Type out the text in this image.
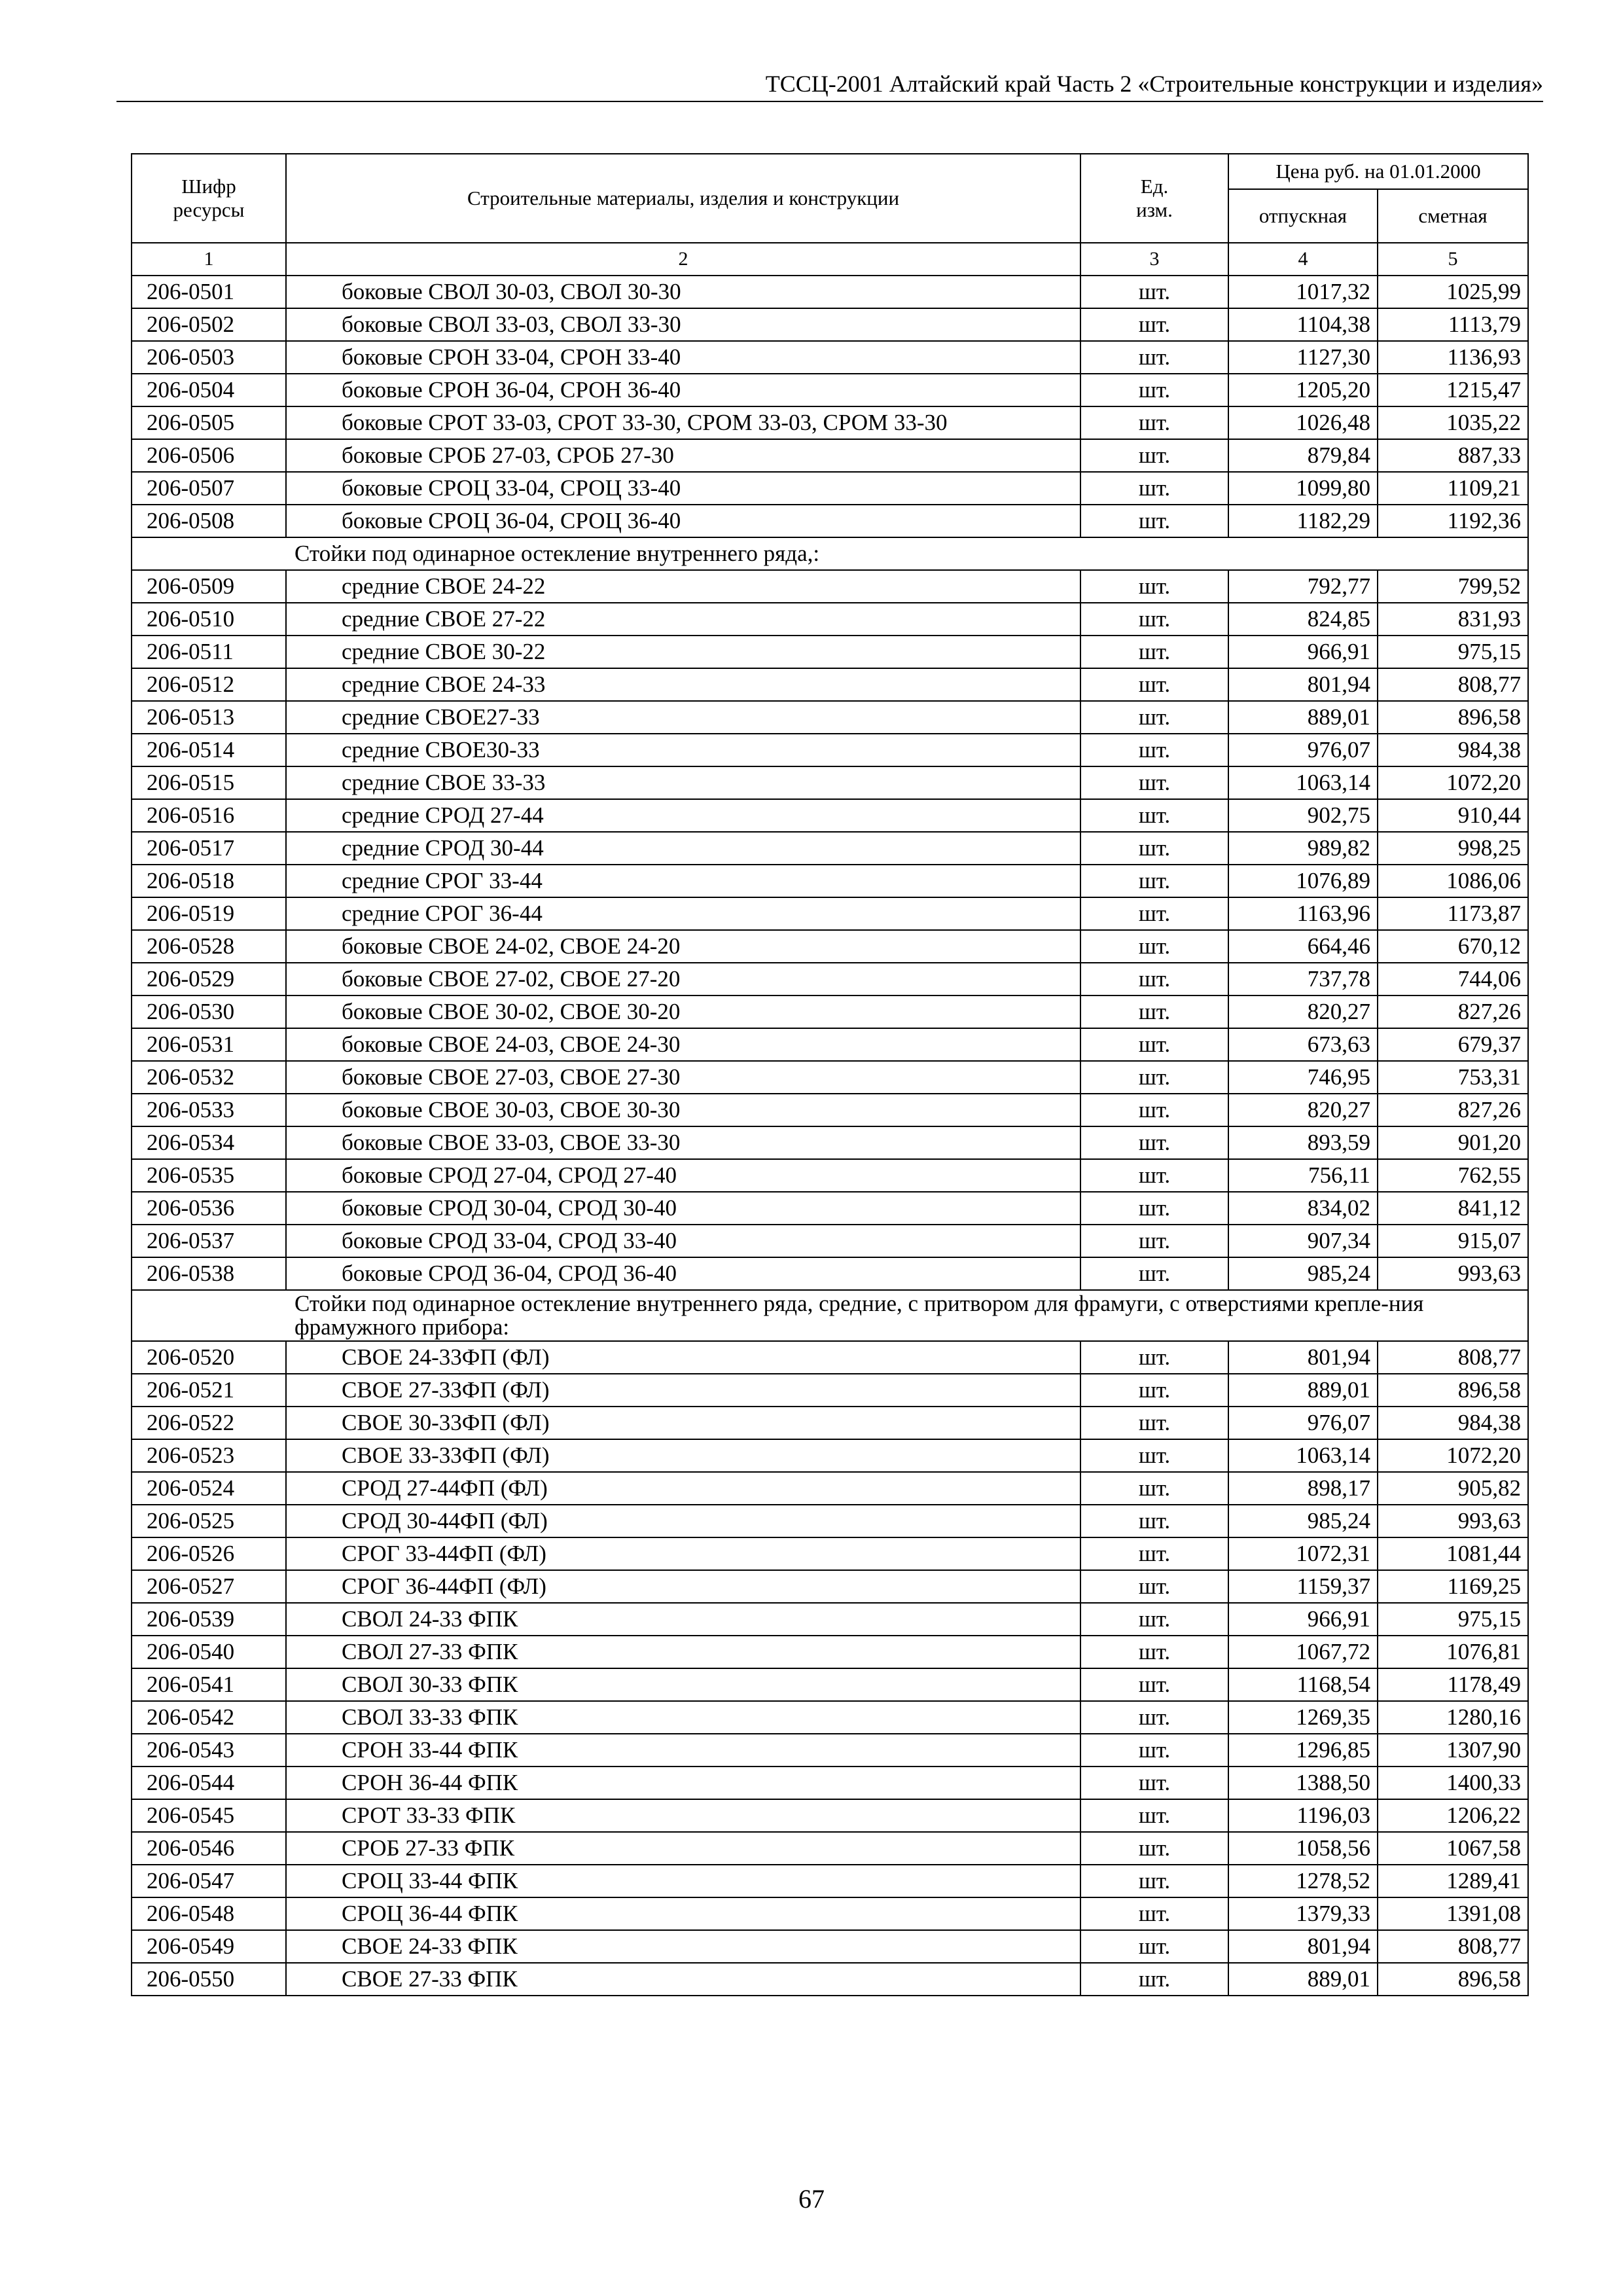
ТССЦ-2001 Алтайский край Часть 2 «Строительные конструкции и изделия»
Шифр ресурсы	Строительные материалы, изделия и конструкции	Ед. изм.	Цена руб. на 01.01.2000	
			отпускная	сметная
1	2	3	4	5
206-0501	боковые СВОЛ 30-03, СВОЛ 30-30	шт.	1017,32	1025,99
206-0502	боковые СВОЛ 33-03, СВОЛ 33-30	шт.	1104,38	1113,79
206-0503	боковые СРОН 33-04, СРОН 33-40	шт.	1127,30	1136,93
206-0504	боковые СРОН 36-04, СРОН 36-40	шт.	1205,20	1215,47
206-0505	боковые СРОТ 33-03, СРОТ 33-30, СРОМ 33-03, СРОМ 33-30	шт.	1026,48	1035,22
206-0506	боковые СРОБ 27-03, СРОБ 27-30	шт.	879,84	887,33
206-0507	боковые СРОЦ 33-04, СРОЦ 33-40	шт.	1099,80	1109,21
206-0508	боковые СРОЦ 36-04, СРОЦ 36-40	шт.	1182,29	1192,36
Стойки под одинарное остекление внутреннего ряда,:				
206-0509	средние СВОЕ 24-22	шт.	792,77	799,52
206-0510	средние СВОЕ 27-22	шт.	824,85	831,93
206-0511	средние СВОЕ 30-22	шт.	966,91	975,15
206-0512	средние СВОЕ 24-33	шт.	801,94	808,77
206-0513	средние СВОЕ27-33	шт.	889,01	896,58
206-0514	средние СВОЕ30-33	шт.	976,07	984,38
206-0515	средние СВОЕ 33-33	шт.	1063,14	1072,20
206-0516	средние СРОД 27-44	шт.	902,75	910,44
206-0517	средние СРОД 30-44	шт.	989,82	998,25
206-0518	средние СРОГ 33-44	шт.	1076,89	1086,06
206-0519	средние СРОГ 36-44	шт.	1163,96	1173,87
206-0528	боковые СВОЕ 24-02, СВОЕ 24-20	шт.	664,46	670,12
206-0529	боковые СВОЕ 27-02, СВОЕ 27-20	шт.	737,78	744,06
206-0530	боковые СВОЕ 30-02, СВОЕ 30-20	шт.	820,27	827,26
206-0531	боковые СВОЕ 24-03, СВОЕ 24-30	шт.	673,63	679,37
206-0532	боковые СВОЕ 27-03, СВОЕ 27-30	шт.	746,95	753,31
206-0533	боковые СВОЕ 30-03, СВОЕ 30-30	шт.	820,27	827,26
206-0534	боковые СВОЕ 33-03, СВОЕ 33-30	шт.	893,59	901,20
206-0535	боковые СРОД 27-04, СРОД 27-40	шт.	756,11	762,55
206-0536	боковые СРОД 30-04, СРОД 30-40	шт.	834,02	841,12
206-0537	боковые СРОД 33-04, СРОД 33-40	шт.	907,34	915,07
206-0538	боковые СРОД 36-04, СРОД 36-40	шт.	985,24	993,63
Стойки под одинарное остекление внутреннего ряда, средние, с притвором для фрамуги, с отверстиями крепле-ния фрамужного прибора:				
206-0520	СВОЕ 24-33ФП (ФЛ)	шт.	801,94	808,77
206-0521	СВОЕ 27-33ФП (ФЛ)	шт.	889,01	896,58
206-0522	СВОЕ 30-33ФП (ФЛ)	шт.	976,07	984,38
206-0523	СВОЕ 33-33ФП (ФЛ)	шт.	1063,14	1072,20
206-0524	СРОД 27-44ФП (ФЛ)	шт.	898,17	905,82
206-0525	СРОД 30-44ФП (ФЛ)	шт.	985,24	993,63
206-0526	СРОГ 33-44ФП (ФЛ)	шт.	1072,31	1081,44
206-0527	СРОГ 36-44ФП (ФЛ)	шт.	1159,37	1169,25
206-0539	СВОЛ 24-33 ФПК	шт.	966,91	975,15
206-0540	СВОЛ 27-33 ФПК	шт.	1067,72	1076,81
206-0541	СВОЛ 30-33 ФПК	шт.	1168,54	1178,49
206-0542	СВОЛ 33-33 ФПК	шт.	1269,35	1280,16
206-0543	СРОН 33-44 ФПК	шт.	1296,85	1307,90
206-0544	СРОН 36-44 ФПК	шт.	1388,50	1400,33
206-0545	СРОТ 33-33 ФПК	шт.	1196,03	1206,22
206-0546	СРОБ 27-33 ФПК	шт.	1058,56	1067,58
206-0547	СРОЦ 33-44 ФПК	шт.	1278,52	1289,41
206-0548	СРОЦ 36-44 ФПК	шт.	1379,33	1391,08
206-0549	СВОЕ 24-33 ФПК	шт.	801,94	808,77
206-0550	СВОЕ 27-33 ФПК	шт.	889,01	896,58
67
